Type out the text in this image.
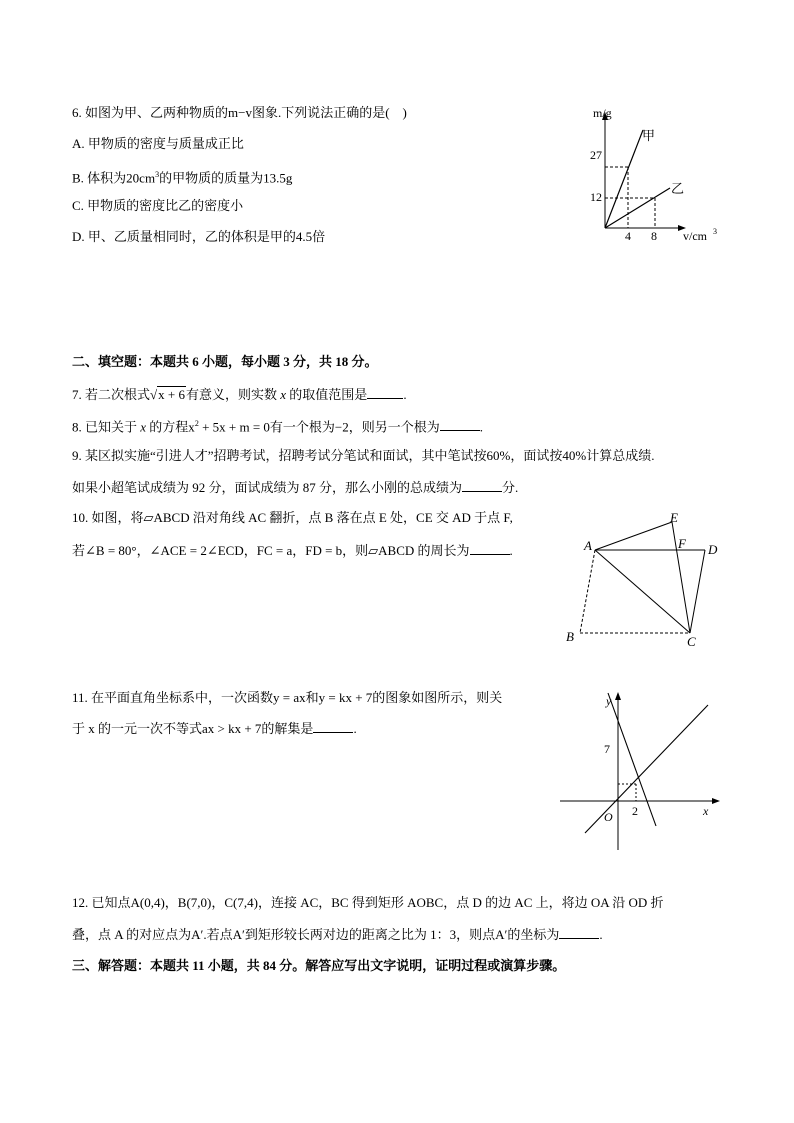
6. 如图为甲、乙两种物质的m−v图象.下列说法正确的是(　)
A. 甲物质的密度与质量成正比
B. 体积为$20cm^3$的甲物质的质量为13.5g
C. 甲物质的密度比乙的密度小
D. 甲、乙质量相同时，乙的体积是甲的4.5倍
m/g
27
12
4 8 v/cm 3
甲
乙
二、填空题：本题共 6 小题，每小题 3 分，共 18 分。
7. 若二次根式√x + 6有意义，则实数 x 的取值范围是	.
8. 已知关于 x 的方程$x^2 + 5x + m = 0$有一个根为−2，则另一个根为	.
9. 某区拟实施“引进人才”招聘考试，招聘考试分笔试和面试，其中笔试按60%，面试按40%计算总成绩.
如果小超笔试成绩为 92 分，面试成绩为 87 分，那么小刚的总成绩为	分.
10. 如图，将▱ABCD 沿对角线 AC 翻折，点 B 落在点 E 处，CE 交 AD 于点 F,
若∠B = 80°，∠ACE = 2∠ECD，FC = a，FD = b，则▱ABCD 的周长为	.	A
B	C
D
E
F
11. 在平面直角坐标系中，一次函数y = ax和y = kx + 7的图象如图所示，则关
于 x 的一元一次不等式ax > kx + 7的解集是	.
y
x
7
2
O
12. 已知点A(0,4)，B(7,0)，C(7,4)，连接 AC，BC 得到矩形 AOBC，点 D 的边 AC 上，将边 OA 沿 OD 折
叠，点 A 的对应点为A′.若点A′到矩形较长两对边的距离之比为 1：3，则点A′的坐标为	.
三、解答题：本题共 11 小题，共 84 分。解答应写出文字说明，证明过程或演算步骤。
